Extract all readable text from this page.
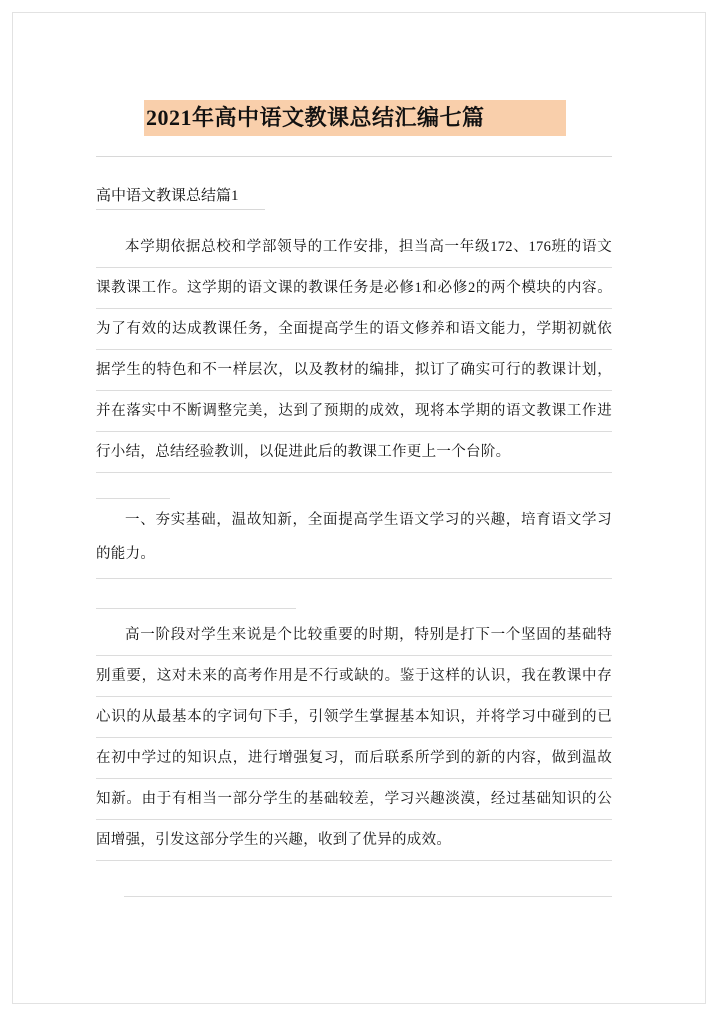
2021年高中语文教课总结汇编七篇
高中语文教课总结篇1
本学期依据总校和学部领导的工作安排，担当高一年级172、176班的语文课教课工作。这学期的语文课的教课任务是必修1和必修2的两个模块的内容。为了有效的达成教课任务，全面提高学生的语文修养和语文能力，学期初就依据学生的特色和不一样层次，以及教材的编排，拟订了确实可行的教课计划，并在落实中不断调整完美，达到了预期的成效，现将本学期的语文教课工作进行小结，总结经验教训，以促进此后的教课工作更上一个台阶。
一、夯实基础，温故知新，全面提高学生语文学习的兴趣，培育语文学习的能力。
高一阶段对学生来说是个比较重要的时期，特别是打下一个坚固的基础特别重要，这对未来的高考作用是不行或缺的。鉴于这样的认识，我在教课中存心识的从最基本的字词句下手，引领学生掌握基本知识，并将学习中碰到的已在初中学过的知识点，进行增强复习，而后联系所学到的新的内容，做到温故知新。由于有相当一部分学生的基础较差，学习兴趣淡漠，经过基础知识的公固增强，引发这部分学生的兴趣，收到了优异的成效。
